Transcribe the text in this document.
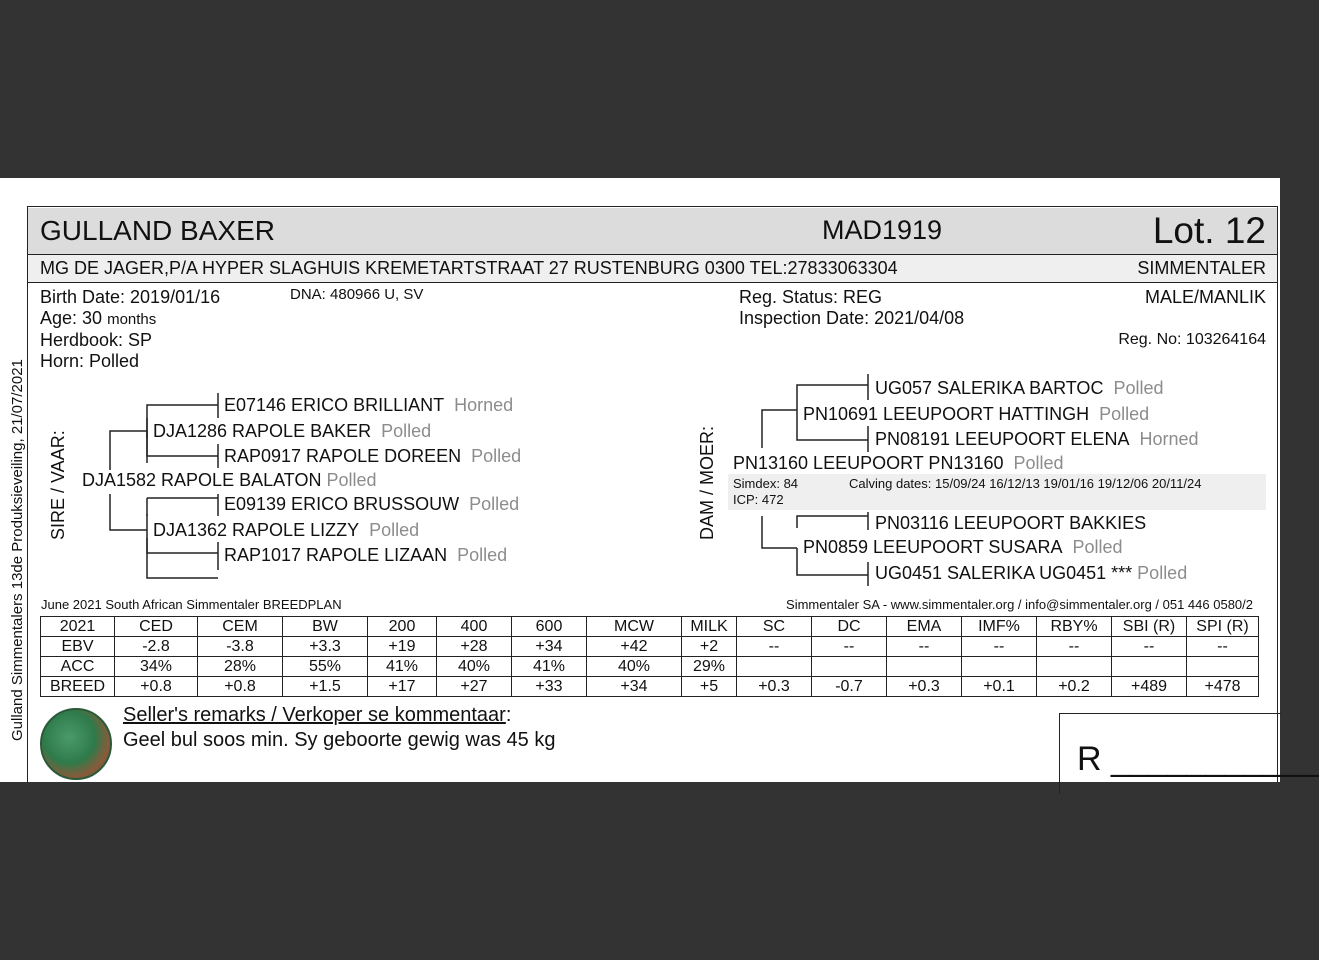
Gulland Simmentalers 13de Produksieveiling, 21/07/2021
GULLAND BAXER	MAD1919	Lot. 12
MG DE JAGER,P/A HYPER SLAGHUIS KREMETARTSTRAAT 27 RUSTENBURG 0300 TEL:27833063304	SIMMENTALER
Birth Date: 2019/01/16	DNA: 480966 U, SV
Age: 30 months
Herdbook: SP
Horn: Polled
Reg. Status: REG
Inspection Date: 2021/04/08
MALE/MANLIK
Reg. No: 103264164
SIRE / VAAR:	DAM / MOER:
E07146 ERICO BRILLIANT Horned
DJA1286 RAPOLE BAKER Polled
RAP0917 RAPOLE DOREEN Polled
DJA1582 RAPOLE BALATON Polled
E09139 ERICO BRUSSOUW Polled
DJA1362 RAPOLE LIZZY Polled
RAP1017 RAPOLE LIZAAN Polled
UG057 SALERIKA BARTOC Polled
PN10691 LEEUPOORT HATTINGH Polled
PN08191 LEEUPOORT ELENA Horned
PN13160 LEEUPOORT PN13160 Polled
Simdex: 84	Calving dates: 15/09/24 16/12/13 19/01/16 19/12/06 20/11/24
ICP: 472
PN03116 LEEUPOORT BAKKIES
PN0859 LEEUPOORT SUSARA Polled
UG0451 SALERIKA UG0451 *** Polled
June 2021 South African Simmentaler BREEDPLAN	Simmentaler SA - www.simmentaler.org / info@simmentaler.org / 051 446 0580/2
2021	CED	CEM	BW	200	400	600	MCW	MILK	SC	DC	EMA	IMF%	RBY%	SBI (R)	SPI (R)
EBV	-2.8	-3.8	+3.3	+19	+28	+34	+42	+2	--	--	--	--	--	--	--
ACC	34%	28%	55%	41%	40%	41%	40%	29%							
BREED	+0.8	+0.8	+1.5	+17	+27	+33	+34	+5	+0.3	-0.7	+0.3	+0.1	+0.2	+489	+478
Seller's remarks / Verkoper se kommentaar:
Geel bul soos min. Sy geboorte gewig was 45 kg	R ___________
